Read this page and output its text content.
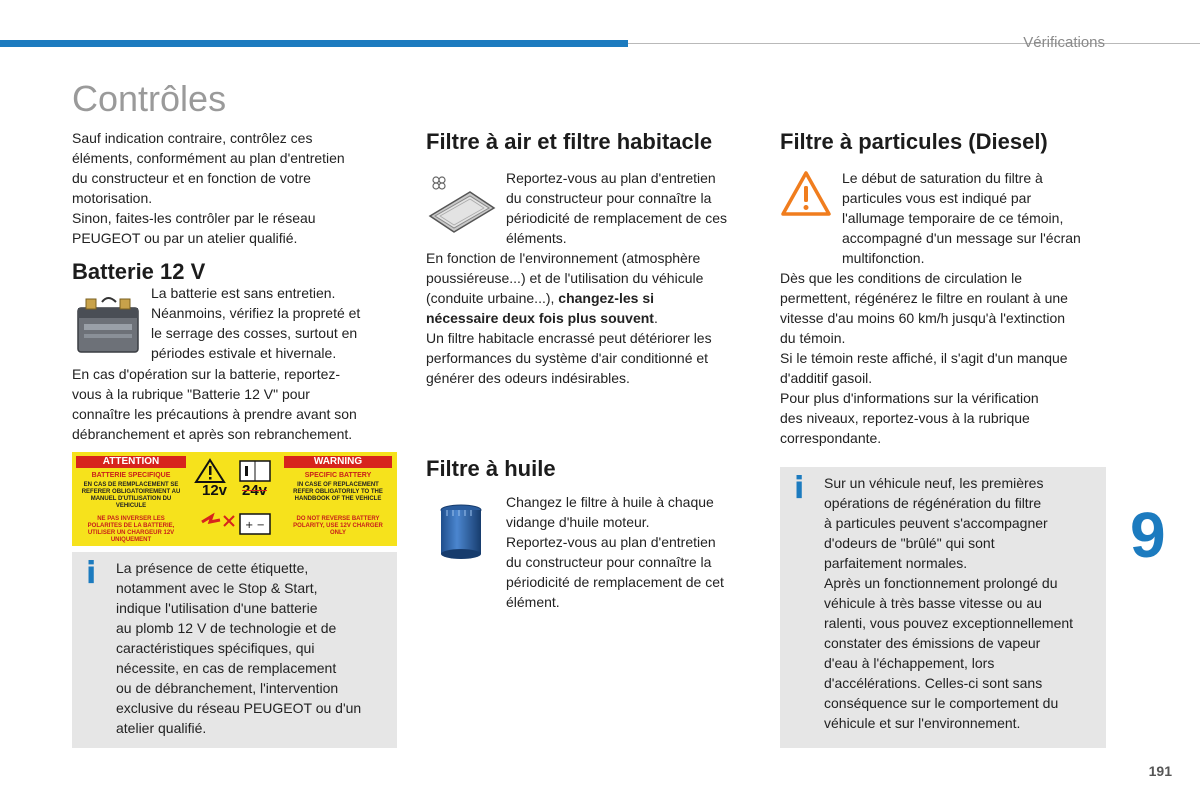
Vérifications
Contrôles

Sauf indication contraire, contrôlez ces

éléments, conformément au plan d'entretien

du constructeur et en fonction de votre

motorisation.

Sinon, faites-les contrôler par le réseau

PEUGEOT ou par un atelier qualifié.

Batterie 12 V

La batterie est sans entretien.

Néanmoins, vérifiez la propreté et

le serrage des cosses, surtout en

périodes estivale et hivernale.

En cas d'opération sur la batterie, reportez-

vous à la rubrique "Batterie 12 V" pour

connaître les précautions à prendre avant son

débranchement et après son rebranchement.

ATTENTION	WARNING
BATTERIE SPECIFIQUE
EN CAS DE REMPLACEMENT SE REFERER OBLIGATOIREMENT AU MANUEL D'UTILISATION DU VEHICULE
NE PAS INVERSER LES POLARITES DE LA BATTERIE, UTILISER UN CHARGEUR 12V UNIQUEMENT
SPECIFIC BATTERY
IN CASE OF REPLACEMENT REFER OBLIGATORILY TO THE HANDBOOK OF THE VEHICLE
DO NOT REVERSE BATTERY POLARITY, USE 12V CHARGER ONLY
12v 24v
+ −
i La présence de cette étiquette,

notamment avec le Stop & Start,

indique l'utilisation d'une batterie

au plomb 12 V de technologie et de

caractéristiques spécifiques, qui

nécessite, en cas de remplacement

ou de débranchement, l'intervention

exclusive du réseau PEUGEOT ou d'un

atelier qualifié.

Filtre à air et filtre habitacle

Reportez-vous au plan d'entretien

du constructeur pour connaître la

périodicité de remplacement de ces

éléments.

En fonction de l'environnement (atmosphère

poussiéreuse...) et de l'utilisation du véhicule

(conduite urbaine...), changez-les si

nécessaire deux fois plus souvent.

Un filtre habitacle encrassé peut détériorer les

performances du système d'air conditionné et

générer des odeurs indésirables.

Filtre à huile

Changez le filtre à huile à chaque

vidange d'huile moteur.

Reportez-vous au plan d'entretien

du constructeur pour connaître la

périodicité de remplacement de cet

élément.

Filtre à particules (Diesel)

Le début de saturation du filtre à

particules vous est indiqué par

l'allumage temporaire de ce témoin,

accompagné d'un message sur l'écran

multifonction.

Dès que les conditions de circulation le

permettent, régénérez le filtre en roulant à une

vitesse d'au moins 60 km/h jusqu'à l'extinction

du témoin.

Si le témoin reste affiché, il s'agit d'un manque

d'additif gasoil.

Pour plus d'informations sur la vérification

des niveaux, reportez-vous à la rubrique

correspondante.

i Sur un véhicule neuf, les premières

opérations de régénération du filtre

à particules peuvent s'accompagner

d'odeurs de "brûlé" qui sont

parfaitement normales.

Après un fonctionnement prolongé du

véhicule à très basse vitesse ou au

ralenti, vous pouvez exceptionnellement

constater des émissions de vapeur

d'eau à l'échappement, lors

d'accélérations. Celles-ci sont sans

conséquence sur le comportement du

véhicule et sur l'environnement.

9
191
